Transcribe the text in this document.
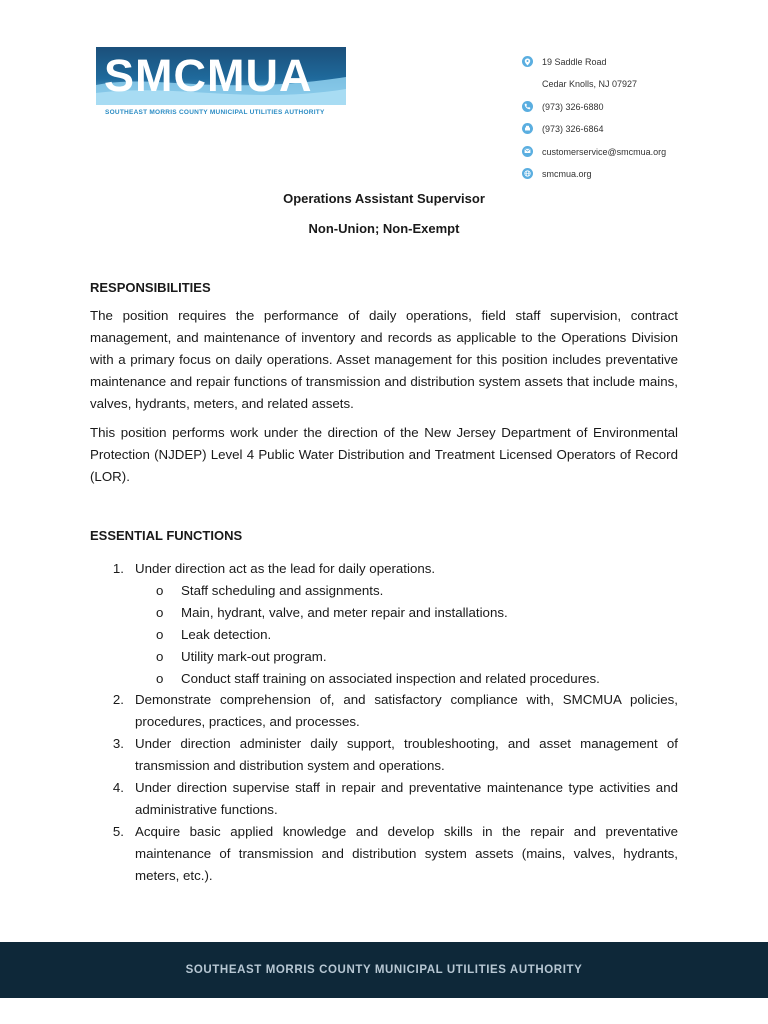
SMCMUA
SOUTHEAST MORRIS COUNTY MUNICIPAL UTILITIES AUTHORITY
19 Saddle Road
Cedar Knolls, NJ 07927
(973) 326-6880
(973) 326-6864
customerservice@smcmua.org
smcmua.org
Operations Assistant Supervisor
Non-Union; Non-Exempt
RESPONSIBILITIES

The position requires the performance of daily operations, field staff supervision, contract management, and maintenance of inventory and records as applicable to the Operations Division with a primary focus on daily operations. Asset management for this position includes preventative maintenance and repair functions of transmission and distribution system assets that include mains, valves, hydrants, meters, and related assets.

This position performs work under the direction of the New Jersey Department of Environmental Protection (NJDEP) Level 4 Public Water Distribution and Treatment Licensed Operators of Record (LOR).

ESSENTIAL FUNCTIONS
1. Under direction act as the lead for daily operations.
o Staff scheduling and assignments.
o Main, hydrant, valve, and meter repair and installations.
o Leak detection.
o Utility mark-out program.
o Conduct staff training on associated inspection and related procedures.
2. Demonstrate comprehension of, and satisfactory compliance with, SMCMUA policies, procedures, practices, and processes.
3. Under direction administer daily support, troubleshooting, and asset management of transmission and distribution system and operations.
4. Under direction supervise staff in repair and preventative maintenance type activities and administrative functions.
5. Acquire basic applied knowledge and develop skills in the repair and preventative maintenance of transmission and distribution system assets (mains, valves, hydrants, meters, etc.).
SOUTHEAST MORRIS COUNTY MUNICIPAL UTILITIES AUTHORITY
